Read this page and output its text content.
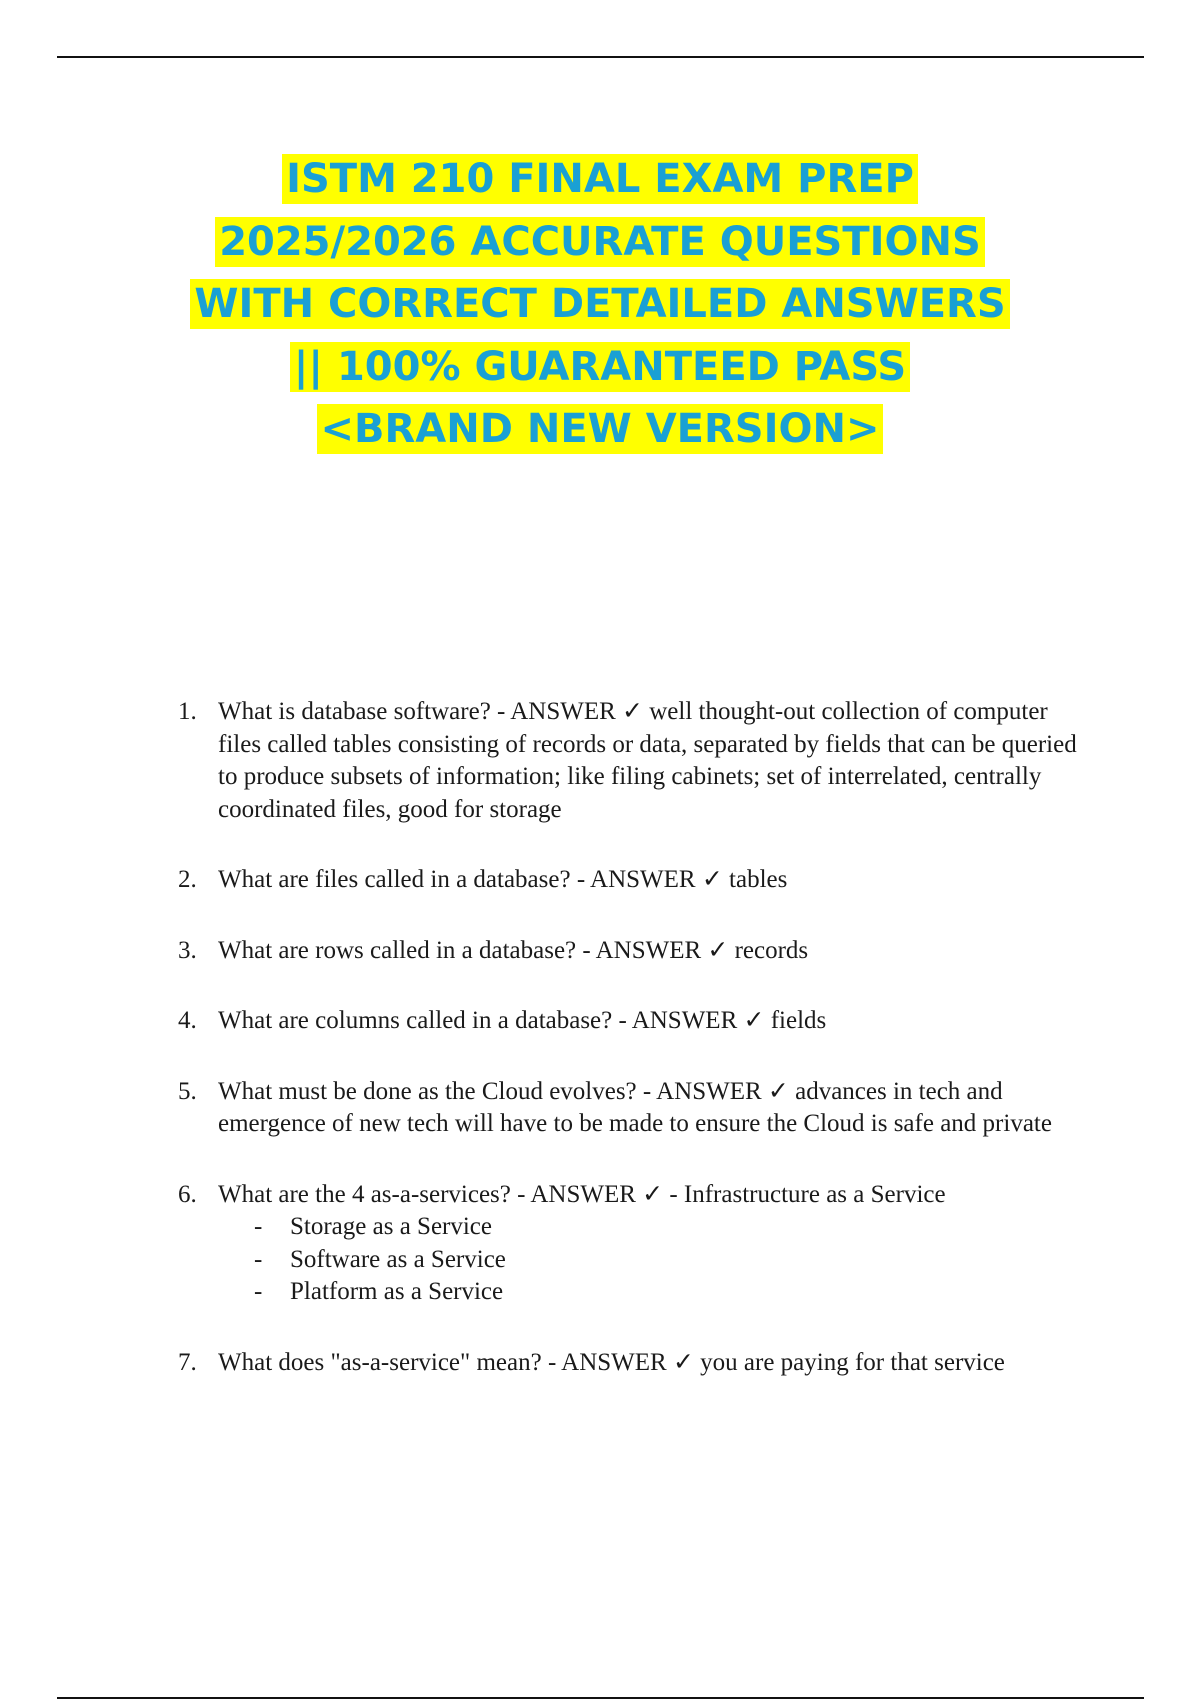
ISTM 210 FINAL EXAM PREP
2025/2026 ACCURATE QUESTIONS
WITH CORRECT DETAILED ANSWERS
|| 100% GUARANTEED PASS
<BRAND NEW VERSION>
1. What is database software? - ANSWER ✓ well thought-out collection of computer files called tables consisting of records or data, separated by fields that can be queried to produce subsets of information; like filing cabinets; set of interrelated, centrally coordinated files, good for storage
2. What are files called in a database? - ANSWER ✓ tables
3. What are rows called in a database? - ANSWER ✓ records
4. What are columns called in a database? - ANSWER ✓ fields
5. What must be done as the Cloud evolves? - ANSWER ✓ advances in tech and emergence of new tech will have to be made to ensure the Cloud is safe and private
6. What are the 4 as-a-services? - ANSWER ✓ - Infrastructure as a Service
- Storage as a Service
- Software as a Service
- Platform as a Service
7. What does "as-a-service" mean? - ANSWER ✓ you are paying for that service
